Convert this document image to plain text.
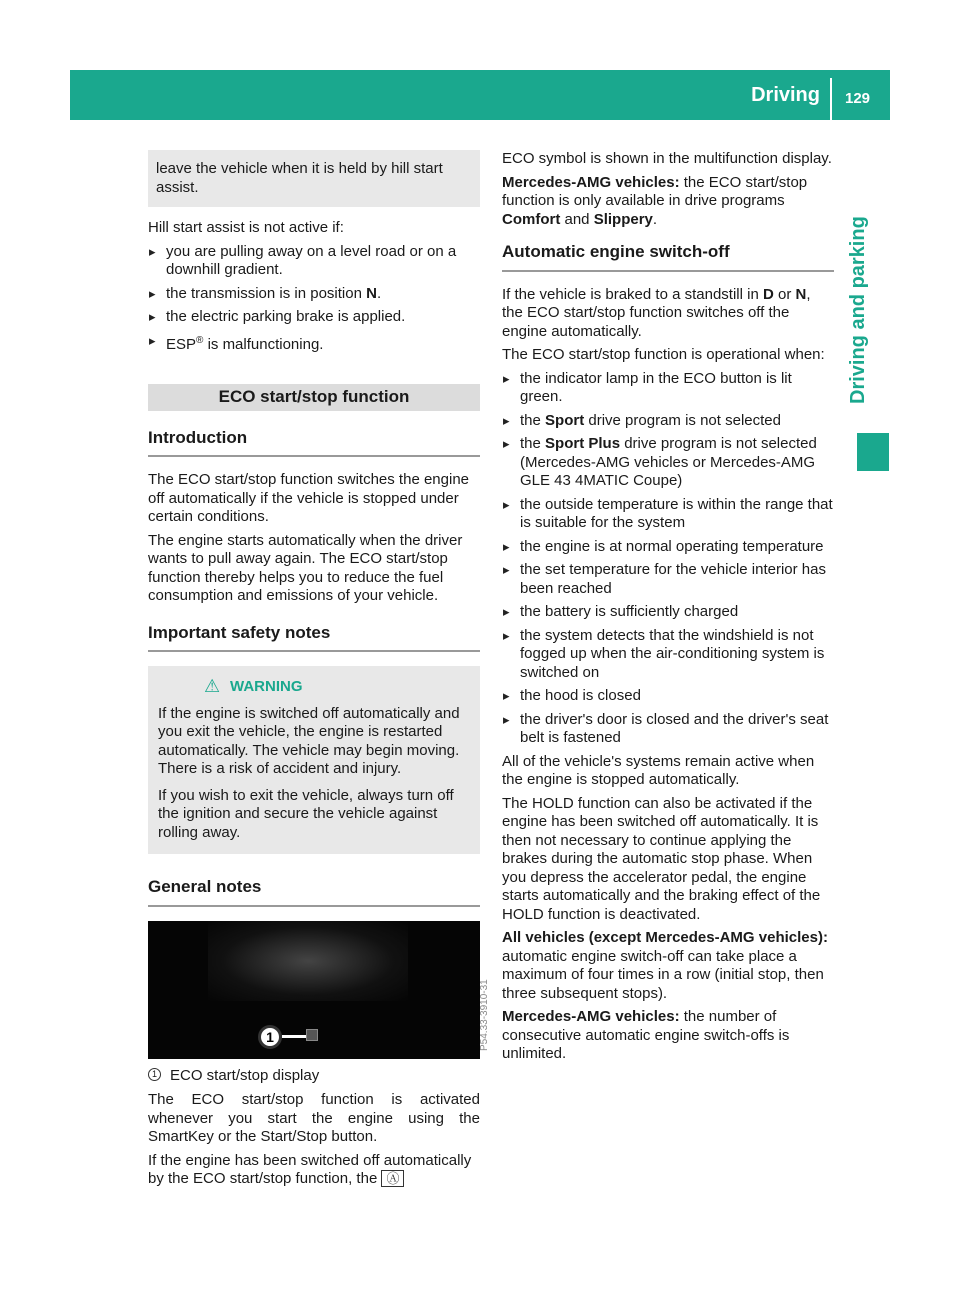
Driving 129
Driving and parking
leave the vehicle when it is held by hill start assist.

Hill start assist is not active if:

▸ you are pulling away on a level road or on a downhill gradient.
▸ the transmission is in position N.
▸ the electric parking brake is applied.
▸ ESP® is malfunctioning.
ECO start/stop function
Introduction

The ECO start/stop function switches the engine off automatically if the vehicle is stopped under certain conditions.

The engine starts automatically when the driver wants to pull away again. The ECO start/stop function thereby helps you to reduce the fuel consumption and emissions of your vehicle.

Important safety notes
⚠ WARNING

If the engine is switched off automatically and you exit the vehicle, the engine is restarted automatically. The vehicle may begin moving. There is a risk of accident and injury.

If you wish to exit the vehicle, always turn off the ignition and secure the vehicle against rolling away.

General notes
1	P54.33-3910-31
1 ECO start/stop display

The ECO start/stop function is activated whenever you start the engine using the SmartKey or the Start/Stop button.

If the engine has been switched off automatically by the ECO start/stop function, the Ⓐ

ECO symbol is shown in the multifunction display.

Mercedes-AMG vehicles: the ECO start/stop function is only available in drive programs Comfort and Slippery.

Automatic engine switch-off

If the vehicle is braked to a standstill in D or N, the ECO start/stop function switches off the engine automatically.

The ECO start/stop function is operational when:

▸ the indicator lamp in the ECO button is lit green.
▸ the Sport drive program is not selected
▸ the Sport Plus drive program is not selected (Mercedes-AMG vehicles or Mercedes-AMG GLE 43 4MATIC Coupe)
▸ the outside temperature is within the range that is suitable for the system
▸ the engine is at normal operating temperature
▸ the set temperature for the vehicle interior has been reached
▸ the battery is sufficiently charged
▸ the system detects that the windshield is not fogged up when the air-conditioning system is switched on
▸ the hood is closed
▸ the driver's door is closed and the driver's seat belt is fastened

All of the vehicle's systems remain active when the engine is stopped automatically.

The HOLD function can also be activated if the engine has been switched off automatically. It is then not necessary to continue applying the brakes during the automatic stop phase. When you depress the accelerator pedal, the engine starts automatically and the braking effect of the HOLD function is deactivated.

All vehicles (except Mercedes-AMG vehicles): automatic engine switch-off can take place a maximum of four times in a row (initial stop, then three subsequent stops).

Mercedes-AMG vehicles: the number of consecutive automatic engine switch-offs is unlimited.
